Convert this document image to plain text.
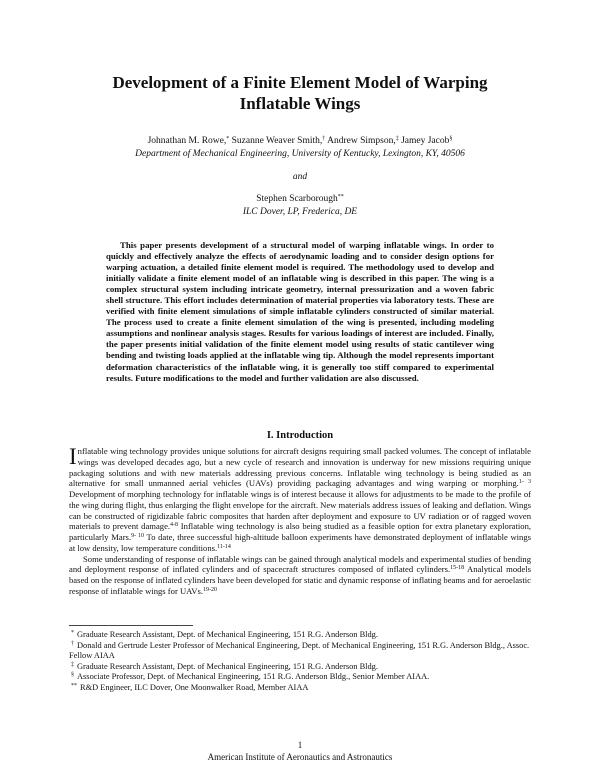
Development of a Finite Element Model of Warping
Inflatable Wings
Johnathan M. Rowe,* Suzanne Weaver Smith,† Andrew Simpson,‡ Jamey Jacob§
Department of Mechanical Engineering, University of Kentucky, Lexington, KY, 40506
and
Stephen Scarborough**
ILC Dover, LP, Frederica, DE
This paper presents development of a structural model of warping inflatable wings. In order to quickly and effectively analyze the effects of aerodynamic loading and to consider design options for warping actuation, a detailed finite element model is required. The methodology used to develop and initially validate a finite element model of an inflatable wing is described in this paper. The wing is a complex structural system including intricate geometry, internal pressurization and a woven fabric shell structure. This effort includes determination of material properties via laboratory tests. These are verified with finite element simulations of simple inflatable cylinders constructed of similar material. The process used to create a finite element simulation of the wing is presented, including modeling assumptions and nonlinear analysis stages. Results for various loadings of interest are included. Finally, the paper presents initial validation of the finite element model using results of static cantilever wing bending and twisting loads applied at the inflatable wing tip. Although the model represents important deformation characteristics of the inflatable wing, it is generally too stiff compared to experimental results. Future modifications to the model and further validation are also discussed.
I. Introduction

Inflatable wing technology provides unique solutions for aircraft designs requiring small packed volumes. The concept of inflatable wings was developed decades ago, but a new cycle of research and innovation is underway for new missions requiring unique packaging solutions and with new materials addressing previous concerns. Inflatable wing technology is being studied as an alternative for small unmanned aerial vehicles (UAVs) providing packaging advantages and wing warping or morphing.$^{1- 3}$ Development of morphing technology for inflatable wings is of interest because it allows for adjustments to be made to the profile of the wing during flight, thus enlarging the flight envelope for the aircraft. New materials address issues of leaking and deflation. Wings can be constructed of rigidizable fabric composites that harden after deployment and exposure to UV radiation or of ragged woven materials to prevent damage.$^{4-8}$ Inflatable wing technology is also being studied as a feasible option for extra planetary exploration, particularly Mars.$^{9- 10}$ To date, three successful high-altitude balloon experiments have demonstrated deployment of inflatable wings at low density, low temperature conditions.$^{11-14}$

Some understanding of response of inflatable wings can be gained through analytical models and experimental studies of bending and deployment response of inflated cylinders and of spacecraft structures composed of inflated cylinders.$^{15-18}$ Analytical models based on the response of inflated cylinders have been developed for static and dynamic response of inflating beams and for aeroelastic response of inflatable wings for UAVs.$^{19-20}$

* Graduate Research Assistant, Dept. of Mechanical Engineering, 151 R.G. Anderson Bldg.

† Donald and Gertrude Lester Professor of Mechanical Engineering, Dept. of Mechanical Engineering, 151 R.G. Anderson Bldg., Assoc. Fellow AIAA

‡ Graduate Research Assistant, Dept. of Mechanical Engineering, 151 R.G. Anderson Bldg.

§ Associate Professor, Dept. of Mechanical Engineering, 151 R.G. Anderson Bldg., Senior Member AIAA.

** R&D Engineer, ILC Dover, One Moonwalker Road, Member AIAA

1
American Institute of Aeronautics and Astronautics
